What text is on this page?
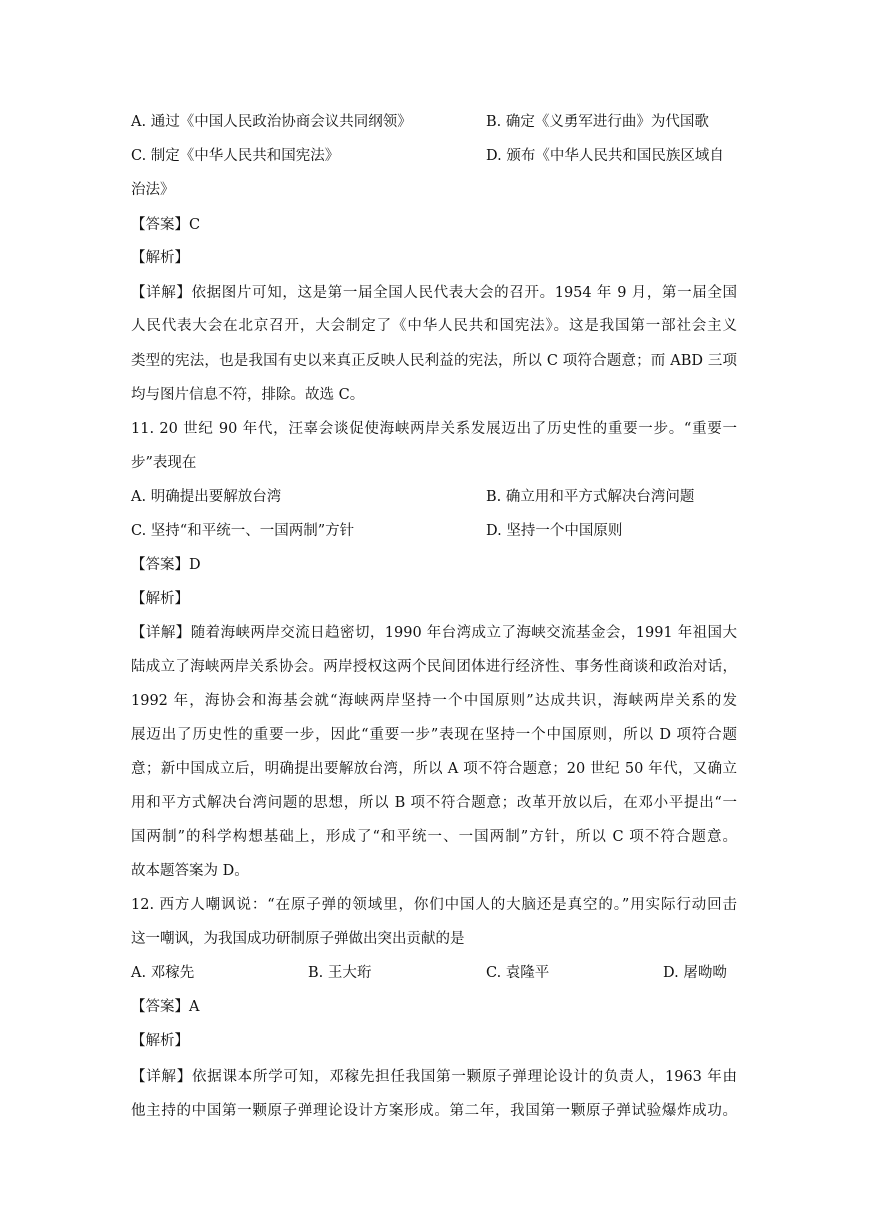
A. 通过《中国人民政治协商会议共同纲领》	B. 确定《义勇军进行曲》为代国歌
C. 制定《中华人民共和国宪法》	D. 颁布《中华人民共和国民族区域自
治法》
【答案】C
【解析】
【详解】依据图片可知，这是第一届全国人民代表大会的召开。1954 年 9 月，第一届全国
人民代表大会在北京召开，大会制定了《中华人民共和国宪法》。这是我国第一部社会主义
类型的宪法，也是我国有史以来真正反映人民利益的宪法，所以 C 项符合题意；而 ABD 三项
均与图片信息不符，排除。故选 C。
11. 20 世纪 90 年代，汪辜会谈促使海峡两岸关系发展迈出了历史性的重要一步。“重要一
步”表现在
A. 明确提出要解放台湾	B. 确立用和平方式解决台湾问题
C. 坚持“和平统一、一国两制”方针	D. 坚持一个中国原则
【答案】D
【解析】
【详解】随着海峡两岸交流日趋密切，1990 年台湾成立了海峡交流基金会，1991 年祖国大
陆成立了海峡两岸关系协会。两岸授权这两个民间团体进行经济性、事务性商谈和政治对话，
1992 年，海协会和海基会就“海峡两岸坚持一个中国原则”达成共识，海峡两岸关系的发
展迈出了历史性的重要一步，因此“重要一步”表现在坚持一个中国原则，所以 D 项符合题
意；新中国成立后，明确提出要解放台湾，所以 A 项不符合题意；20 世纪 50 年代，又确立
用和平方式解决台湾问题的思想，所以 B 项不符合题意；改革开放以后，在邓小平提出“一
国两制”的科学构想基础上，形成了“和平统一、一国两制”方针，所以 C 项不符合题意。
故本题答案为 D。
12. 西方人嘲讽说：“在原子弹的领域里，你们中国人的大脑还是真空的。”用实际行动回击
这一嘲讽，为我国成功研制原子弹做出突出贡献的是
A. 邓稼先	B. 王大珩	C. 袁隆平	D. 屠呦呦
【答案】A
【解析】
【详解】依据课本所学可知，邓稼先担任我国第一颗原子弹理论设计的负责人，1963 年由
他主持的中国第一颗原子弹理论设计方案形成。第二年，我国第一颗原子弹试验爆炸成功。
